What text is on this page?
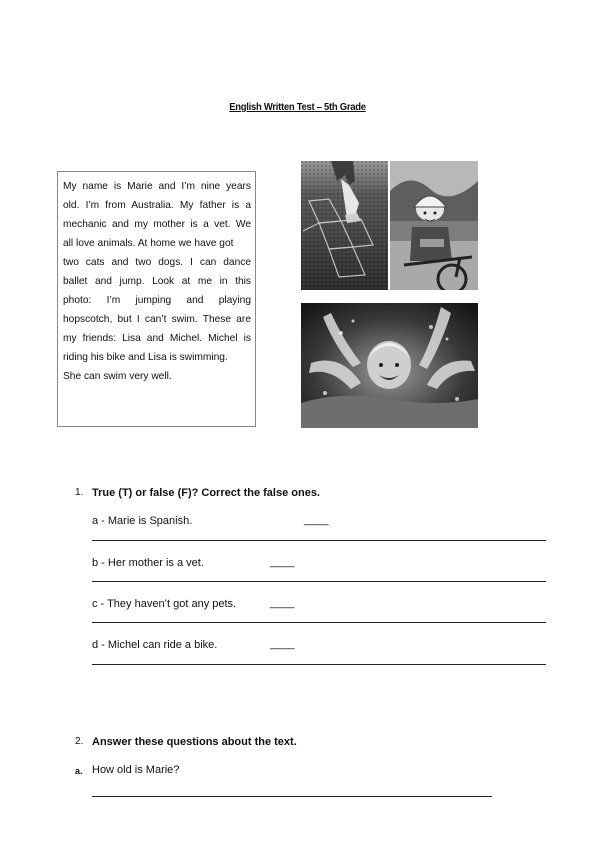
English Written Test – 5th Grade
My name is Marie and I’m nine years
old. I’m from Australia. My father is a
mechanic and my mother is a vet. We
all love animals. At home we have got
two cats and two dogs. I can dance
ballet and jump. Look at me in this
photo: I’m jumping and playing
hopscotch, but I can’t swim. These are
my friends: Lisa and Michel. Michel is
riding his bike and Lisa is swimming.
She can swim very well.
1. True (T) or false (F)? Correct the false ones.
a - Marie is Spanish.	____
b - Her mother is a vet.	____
c - They haven’t got any pets.	____
d - Michel can ride a bike.	____
2. Answer these questions about the text.
a. How old is Marie?
